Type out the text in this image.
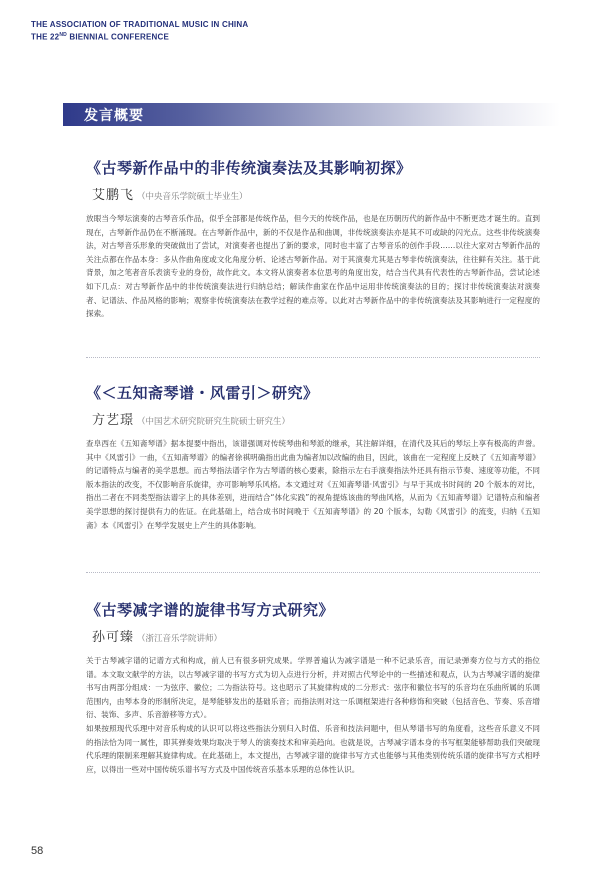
THE ASSOCIATION OF TRADITIONAL MUSIC IN CHINA
THE 22ND BIENNIAL CONFERENCE
发言概要
《古琴新作品中的非传统演奏法及其影响初探》
艾鹏飞 （中央音乐学院硕士毕业生）

放眼当今琴坛演奏的古琴音乐作品，似乎全部都是传统作品，但今天的传统作品，也是在历朝历代的新作品中不断更迭才诞生的。直到现在，古琴新作品仍在不断涌现。在古琴新作品中，新的不仅是作品和曲调，非传统演奏法亦是其不可或缺的闪光点。这些非传统演奏法，对古琴音乐形象的突破做出了尝试，对演奏者也提出了新的要求，同时也丰富了古琴音乐的创作手段……以往大家对古琴新作品的关注点都在作品本身：多从作曲角度或文化角度分析、论述古琴新作品。对于其演奏尤其是古琴非传统演奏法，往往鲜有关注。基于此背景，加之笔者音乐表演专业的身份，故作此文。本文将从演奏者本位思考的角度出发，结合当代具有代表性的古琴新作品，尝试论述如下几点：对古琴新作品中的非传统演奏法进行归纳总结；解读作曲家在作品中运用非传统演奏法的目的；探讨非传统演奏法对演奏者、记谱法、作品风格的影响；观察非传统演奏法在教学过程的难点等。以此对古琴新作品中的非传统演奏法及其影响进行一定程度的探索。

《＜五知斋琴谱・风雷引＞研究》
方艺璟 （中国艺术研究院研究生院硕士研究生）

查阜西在《五知斋琴谱》据本提要中指出，该谱强调对传统琴曲和琴派的继承，其注解详细，在清代及其后的琴坛上享有极高的声誉。其中《风雷引》一曲，《五知斋琴谱》的编者徐祺明确指出此曲为编者加以改编的曲目，因此，该曲在一定程度上反映了《五知斋琴谱》的记谱特点与编者的美学思想。而古琴指法谱字作为古琴谱的核心要素，除指示左右手演奏指法外还具有指示节奏、速度等功能，不同版本指法的改变，不仅影响音乐旋律，亦可影响琴乐风格。本文通过对《五知斋琴谱·风雷引》与早于其成书时间的 20 个版本的对比，指出二者在不同类型指法谱字上的具体差别，进而结合“体化实践”的视角提炼该曲的琴曲风格，从而为《五知斋琴谱》记谱特点和编者美学思想的探讨提供有力的佐证。在此基础上，结合成书时间晚于《五知斋琴谱》的 20 个版本，勾勒《风雷引》的流变，归纳《五知斋》本《风雷引》在琴学发展史上产生的具体影响。

《古琴减字谱的旋律书写方式研究》
孙可臻 （浙江音乐学院讲师）

关于古琴减字谱的记谱方式和构成，前人已有很多研究成果。学界普遍认为减字谱是一种不记录乐音，而记录弹奏方位与方式的指位谱。本文取文献学的方法，以古琴减字谱的书写方式为切入点进行分析，并对照古代琴论中的一些描述和观点，认为古琴减字谱的旋律书写由两部分组成：一为弦序、徽位；二为指法符号。这也昭示了其旋律构成的二分形式：弦序和徽位书写的乐音均在乐曲所属的乐调范围内，由琴本身的形制所决定，是琴能够发出的基础乐音；而指法则对这一乐调框架进行各种修饰和突破（包括音色、节奏、乐音增衍、装饰、多声、乐音游移等方式）。

如果按照现代乐理中对音乐构成的认识可以将这些指法分别归入时值、乐音和技法问题中，但从琴谱书写的角度看，这些音乐意义不同的指法恰为同一属性，即其弹奏效果均取决于琴人的演奏技术和审美趋向。也就是说，古琴减字谱本身的书写框架能够帮助我们突破现代乐理的限制来理解其旋律构成。在此基础上，本文提出，古琴减字谱的旋律书写方式也能够与其他类别传统乐谱的旋律书写方式相呼应，以得出一些对中国传统乐谱书写方式及中国传统音乐基本乐理的总体性认识。

58
